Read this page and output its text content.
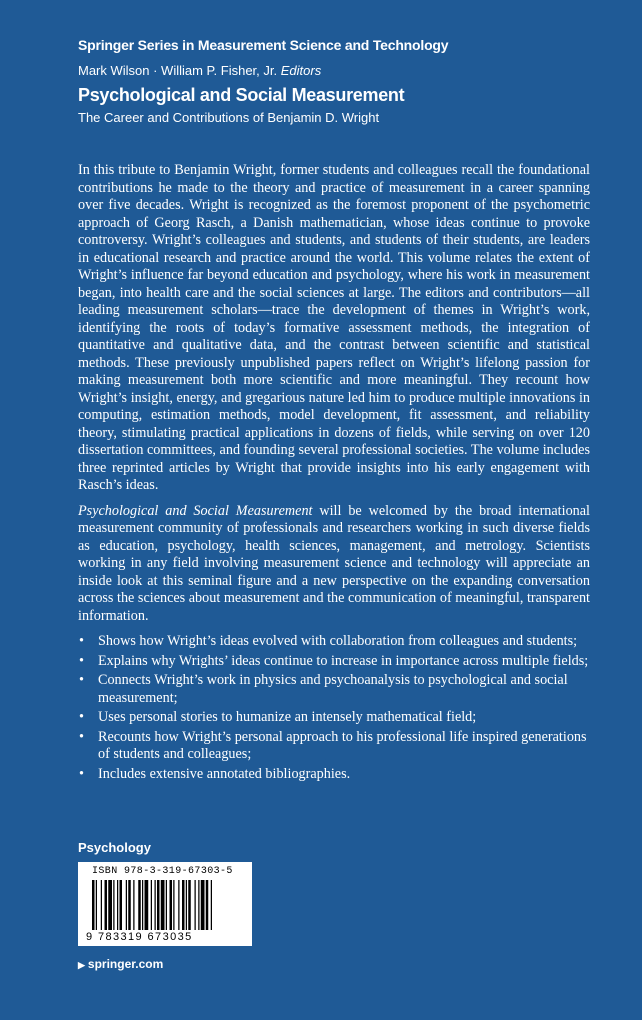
Springer Series in Measurement Science and Technology
Mark Wilson · William P. Fisher, Jr. Editors
Psychological and Social Measurement
The Career and Contributions of Benjamin D. Wright

In this tribute to Benjamin Wright, former students and colleagues recall the foundational contributions he made to the theory and practice of measurement in a career spanning over five decades. Wright is recognized as the foremost proponent of the psychometric approach of Georg Rasch, a Danish mathematician, whose ideas continue to provoke controversy. Wright’s colleagues and students, and students of their students, are leaders in educational research and practice around the world. This volume relates the extent of Wright’s influence far beyond education and psychology, where his work in measurement began, into health care and the social sciences at large. The editors and contributors—all leading measurement scholars—trace the development of themes in Wright’s work, identifying the roots of today’s formative assessment methods, the integration of quantitative and qualitative data, and the contrast between scientific and statistical methods. These previously unpublished papers reflect on Wright’s lifelong passion for making measurement both more scientific and more meaningful. They recount how Wright’s insight, energy, and gregarious nature led him to produce multiple innovations in computing, estimation methods, model development, fit assessment, and reliability theory, stimulating practical applications in dozens of fields, while serving on over 120 dissertation committees, and founding several professional societies. The volume includes three reprinted articles by Wright that provide insights into his early engagement with Rasch’s ideas.

Psychological and Social Measurement will be welcomed by the broad international measurement community of professionals and researchers working in such diverse fields as education, psychology, health sciences, management, and metrology. Scientists working in any field involving measurement science and technology will appreciate an inside look at this seminal figure and a new perspective on the expanding conversation across the sciences about measurement and the communication of meaningful, transparent information.

• Shows how Wright’s ideas evolved with collaboration from colleagues and students;
• Explains why Wrights’ ideas continue to increase in importance across multiple fields;
• Connects Wright’s work in physics and psychoanalysis to psychological and social measurement;
• Uses personal stories to humanize an intensely mathematical field;
• Recounts how Wright’s personal approach to his professional life inspired generations of students and colleagues;
• Includes extensive annotated bibliographies.
Psychology
ISBN 978-3-319-67303-5
9 783319 673035
▶ springer.com
